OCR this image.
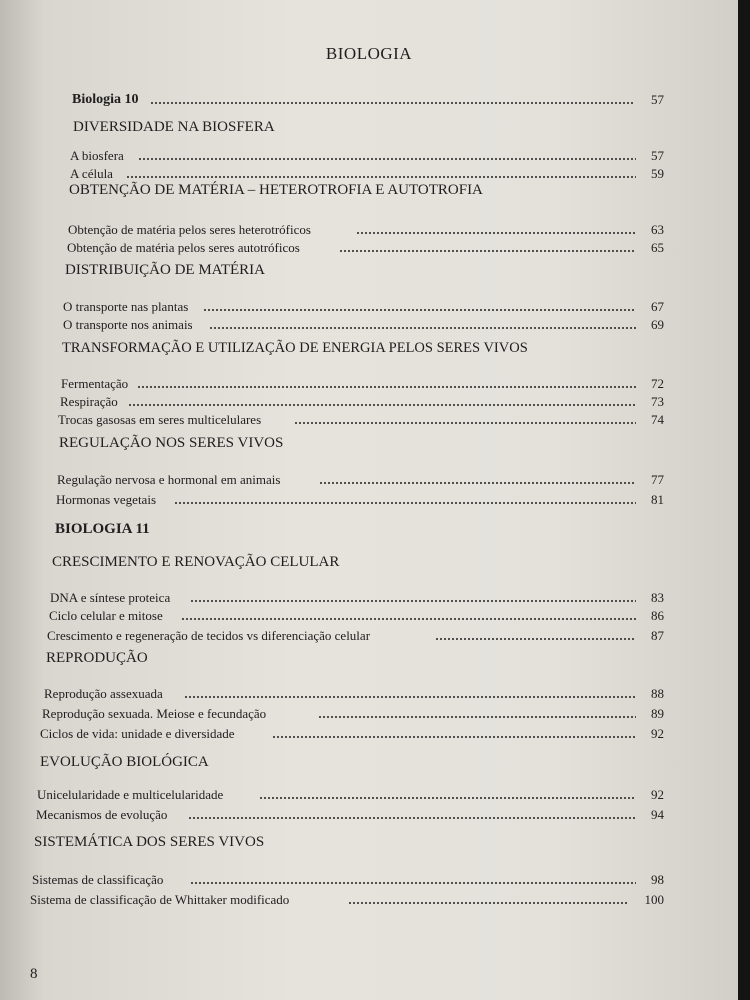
BIOLOGIA
Biologia 10	57
DIVERSIDADE NA BIOSFERA
A biosfera	57
A célula	59
OBTENÇÃO DE MATÉRIA – HETEROTROFIA E AUTOTROFIA
Obtenção de matéria pelos seres heterotróficos	63
Obtenção de matéria pelos seres autotróficos	65
DISTRIBUIÇÃO DE MATÉRIA
O transporte nas plantas	67
O transporte nos animais	69
TRANSFORMAÇÃO E UTILIZAÇÃO DE ENERGIA PELOS SERES VIVOS
Fermentação	72
Respiração	73
Trocas gasosas em seres multicelulares	74
REGULAÇÃO NOS SERES VIVOS
Regulação nervosa e hormonal em animais	77
Hormonas vegetais	81
BIOLOGIA 11
CRESCIMENTO E RENOVAÇÃO CELULAR
DNA e síntese proteica	83
Ciclo celular e mitose	86
Crescimento e regeneração de tecidos vs diferenciação celular	87
REPRODUÇÃO
Reprodução assexuada	88
Reprodução sexuada. Meiose e fecundação	89
Ciclos de vida: unidade e diversidade	92
EVOLUÇÃO BIOLÓGICA
Unicelularidade e multicelularidade	92
Mecanismos de evolução	94
SISTEMÁTICA DOS SERES VIVOS
Sistemas de classificação	98
Sistema de classificação de Whittaker modificado	100
8
